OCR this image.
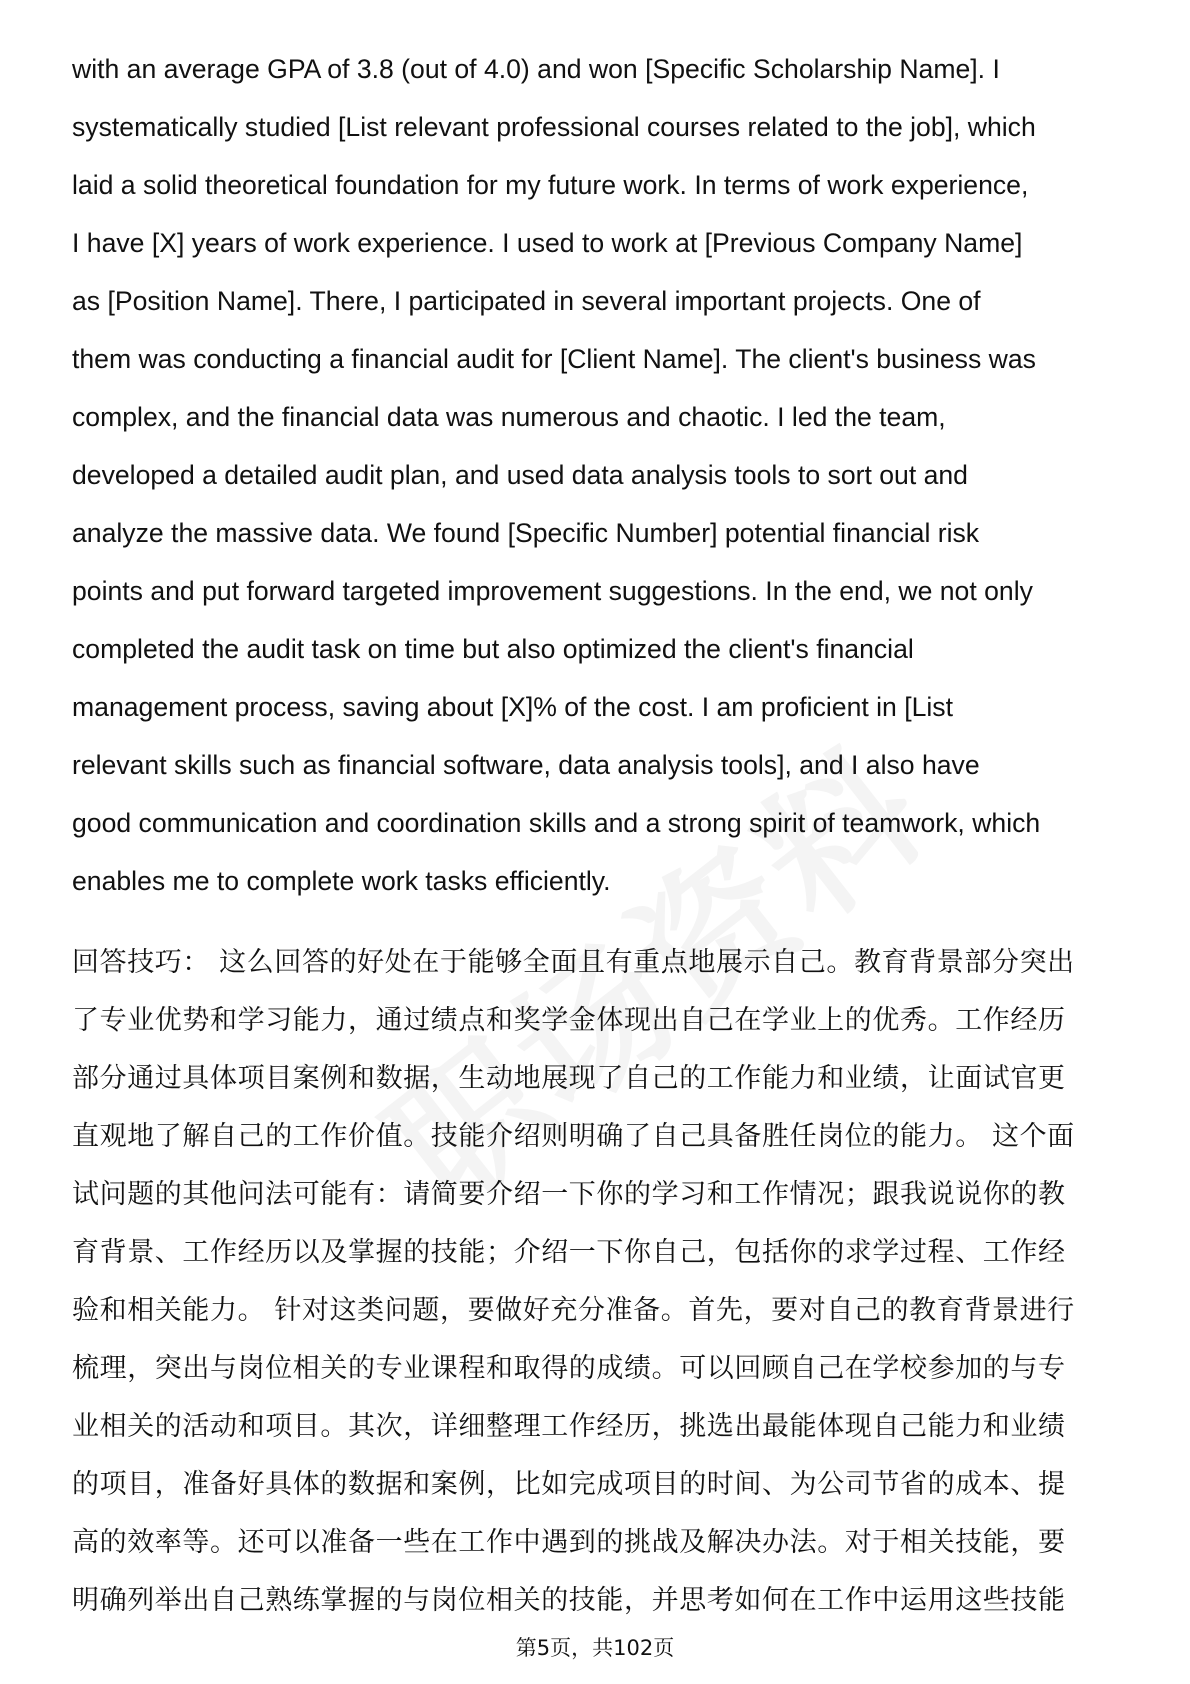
with an average GPA of 3.8 (out of 4.0) and won [Specific Scholarship Name]. I
systematically studied [List relevant professional courses related to the job], which
laid a solid theoretical foundation for my future work. In terms of work experience,
I have [X] years of work experience. I used to work at [Previous Company Name]
as [Position Name]. There, I participated in several important projects. One of
them was conducting a financial audit for [Client Name]. The client's business was
complex, and the financial data was numerous and chaotic. I led the team,
developed a detailed audit plan, and used data analysis tools to sort out and
analyze the massive data. We found [Specific Number] potential financial risk
points and put forward targeted improvement suggestions. In the end, we not only
completed the audit task on time but also optimized the client's financial
management process, saving about [X]% of the cost. I am proficient in [List
relevant skills such as financial software, data analysis tools], and I also have
good communication and coordination skills and a strong spirit of teamwork, which
enables me to complete work tasks efficiently.

回答技巧： 这么回答的好处在于能够全面且有重点地展示自己。教育背景部分突出
了专业优势和学习能力，通过绩点和奖学金体现出自己在学业上的优秀。工作经历
部分通过具体项目案例和数据，生动地展现了自己的工作能力和业绩，让面试官更
直观地了解自己的工作价值。技能介绍则明确了自己具备胜任岗位的能力。 这个面
试问题的其他问法可能有：请简要介绍一下你的学习和工作情况；跟我说说你的教
育背景、工作经历以及掌握的技能；介绍一下你自己，包括你的求学过程、工作经
验和相关能力。 针对这类问题，要做好充分准备。首先，要对自己的教育背景进行
梳理，突出与岗位相关的专业课程和取得的成绩。可以回顾自己在学校参加的与专
业相关的活动和项目。其次，详细整理工作经历，挑选出最能体现自己能力和业绩
的项目，准备好具体的数据和案例，比如完成项目的时间、为公司节省的成本、提
高的效率等。还可以准备一些在工作中遇到的挑战及解决办法。对于相关技能，要
明确列举出自己熟练掌握的与岗位相关的技能，并思考如何在工作中运用这些技能

第5页，共102页
